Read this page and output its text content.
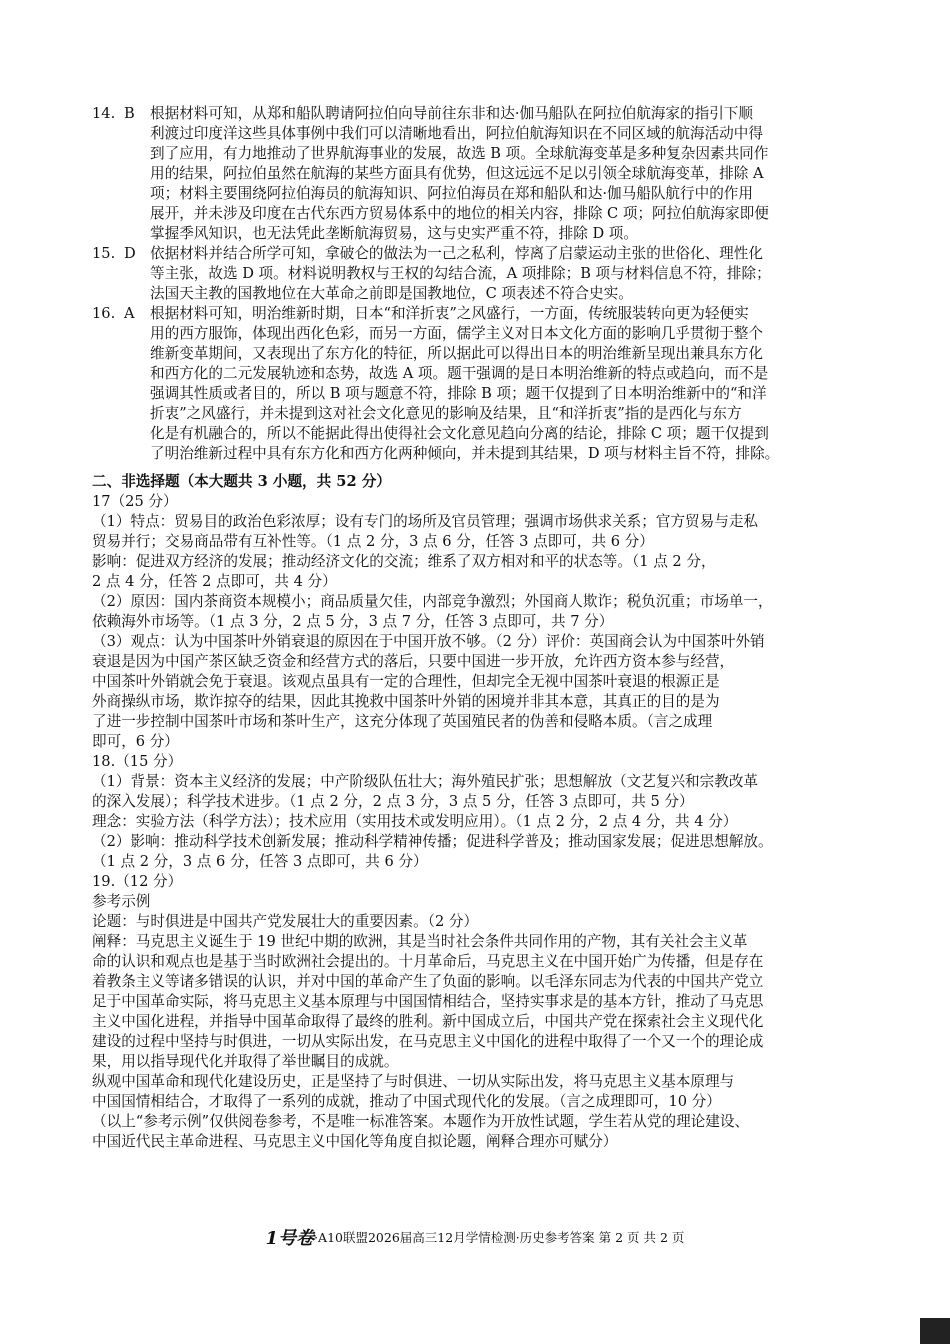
14. B 根据材料可知，从郑和船队聘请阿拉伯向导前往东非和达·伽马船队在阿拉伯航海家的指引下顺
利渡过印度洋这些具体事例中我们可以清晰地看出，阿拉伯航海知识在不同区域的航海活动中得
到了应用，有力地推动了世界航海事业的发展，故选 B 项。全球航海变革是多种复杂因素共同作
用的结果，阿拉伯虽然在航海的某些方面具有优势，但这远远不足以引领全球航海变革，排除 A
项；材料主要围绕阿拉伯海员的航海知识、阿拉伯海员在郑和船队和达·伽马船队航行中的作用
展开，并未涉及印度在古代东西方贸易体系中的地位的相关内容，排除 C 项；阿拉伯航海家即便
掌握季风知识，也无法凭此垄断航海贸易，这与史实严重不符，排除 D 项。
15. D 依据材料并结合所学可知，拿破仑的做法为一己之私利，悖离了启蒙运动主张的世俗化、理性化
等主张，故选 D 项。材料说明教权与王权的勾结合流，A 项排除；B 项与材料信息不符，排除；
法国天主教的国教地位在大革命之前即是国教地位，C 项表述不符合史实。
16. A 根据材料可知，明治维新时期，日本“和洋折衷”之风盛行，一方面，传统服装转向更为轻便实
用的西方服饰，体现出西化色彩，而另一方面，儒学主义对日本文化方面的影响几乎贯彻于整个
维新变革期间，又表现出了东方化的特征，所以据此可以得出日本的明治维新呈现出兼具东方化
和西方化的二元发展轨迹和态势，故选 A 项。题干强调的是日本明治维新的特点或趋向，而不是
强调其性质或者目的，所以 B 项与题意不符，排除 B 项；题干仅提到了日本明治维新中的“和洋
折衷”之风盛行，并未提到这对社会文化意见的影响及结果，且“和洋折衷”指的是西化与东方
化是有机融合的，所以不能据此得出使得社会文化意见趋向分离的结论，排除 C 项；题干仅提到
了明治维新过程中具有东方化和西方化两种倾向，并未提到其结果，D 项与材料主旨不符，排除。
二、非选择题（本大题共 3 小题，共 52 分）
17（25 分）
（1）特点：贸易目的政治色彩浓厚；设有专门的场所及官员管理；强调市场供求关系；官方贸易与走私
贸易并行；交易商品带有互补性等。（1 点 2 分，3 点 6 分，任答 3 点即可，共 6 分）
影响：促进双方经济的发展；推动经济文化的交流；维系了双方相对和平的状态等。（1 点 2 分，
2 点 4 分，任答 2 点即可，共 4 分）
（2）原因：国内茶商资本规模小；商品质量欠佳，内部竞争激烈；外国商人欺诈；税负沉重；市场单一，
依赖海外市场等。（1 点 3 分，2 点 5 分，3 点 7 分，任答 3 点即可，共 7 分）
（3）观点：认为中国茶叶外销衰退的原因在于中国开放不够。（2 分）评价：英国商会认为中国茶叶外销
衰退是因为中国产茶区缺乏资金和经营方式的落后，只要中国进一步开放，允许西方资本参与经营，
中国茶叶外销就会免于衰退。该观点虽具有一定的合理性，但却完全无视中国茶叶衰退的根源正是
外商操纵市场，欺诈掠夺的结果，因此其挽救中国茶叶外销的困境并非其本意，其真正的目的是为
了进一步控制中国茶叶市场和茶叶生产，这充分体现了英国殖民者的伪善和侵略本质。（言之成理
即可，6 分）
18.（15 分）
（1）背景：资本主义经济的发展；中产阶级队伍壮大；海外殖民扩张；思想解放（文艺复兴和宗教改革
的深入发展）；科学技术进步。（1 点 2 分，2 点 3 分，3 点 5 分，任答 3 点即可，共 5 分）
理念：实验方法（科学方法）；技术应用（实用技术或发明应用）。（1 点 2 分，2 点 4 分，共 4 分）
（2）影响：推动科学技术创新发展；推动科学精神传播；促进科学普及；推动国家发展；促进思想解放。
（1 点 2 分，3 点 6 分，任答 3 点即可，共 6 分）
19.（12 分）
参考示例
论题：与时俱进是中国共产党发展壮大的重要因素。（2 分）
阐释：马克思主义诞生于 19 世纪中期的欧洲，其是当时社会条件共同作用的产物，其有关社会主义革
命的认识和观点也是基于当时欧洲社会提出的。十月革命后，马克思主义在中国开始广为传播，但是存在
着教条主义等诸多错误的认识，并对中国的革命产生了负面的影响。以毛泽东同志为代表的中国共产党立
足于中国革命实际，将马克思主义基本原理与中国国情相结合，坚持实事求是的基本方针，推动了马克思
主义中国化进程，并指导中国革命取得了最终的胜利。新中国成立后，中国共产党在探索社会主义现代化
建设的过程中坚持与时俱进，一切从实际出发，在马克思主义中国化的进程中取得了一个又一个的理论成
果，用以指导现代化并取得了举世瞩目的成就。
纵观中国革命和现代化建设历史，正是坚持了与时俱进、一切从实际出发，将马克思主义基本原理与
中国国情相结合，才取得了一系列的成就，推动了中国式现代化的发展。（言之成理即可，10 分）
（以上“参考示例”仅供阅卷参考，不是唯一标准答案。本题作为开放性试题，学生若从党的理论建设、
中国近代民主革命进程、马克思主义中国化等角度自拟论题，阐释合理亦可赋分）
1号卷·A10联盟2026届高三12月学情检测·历史参考答案 第 2 页 共 2 页
